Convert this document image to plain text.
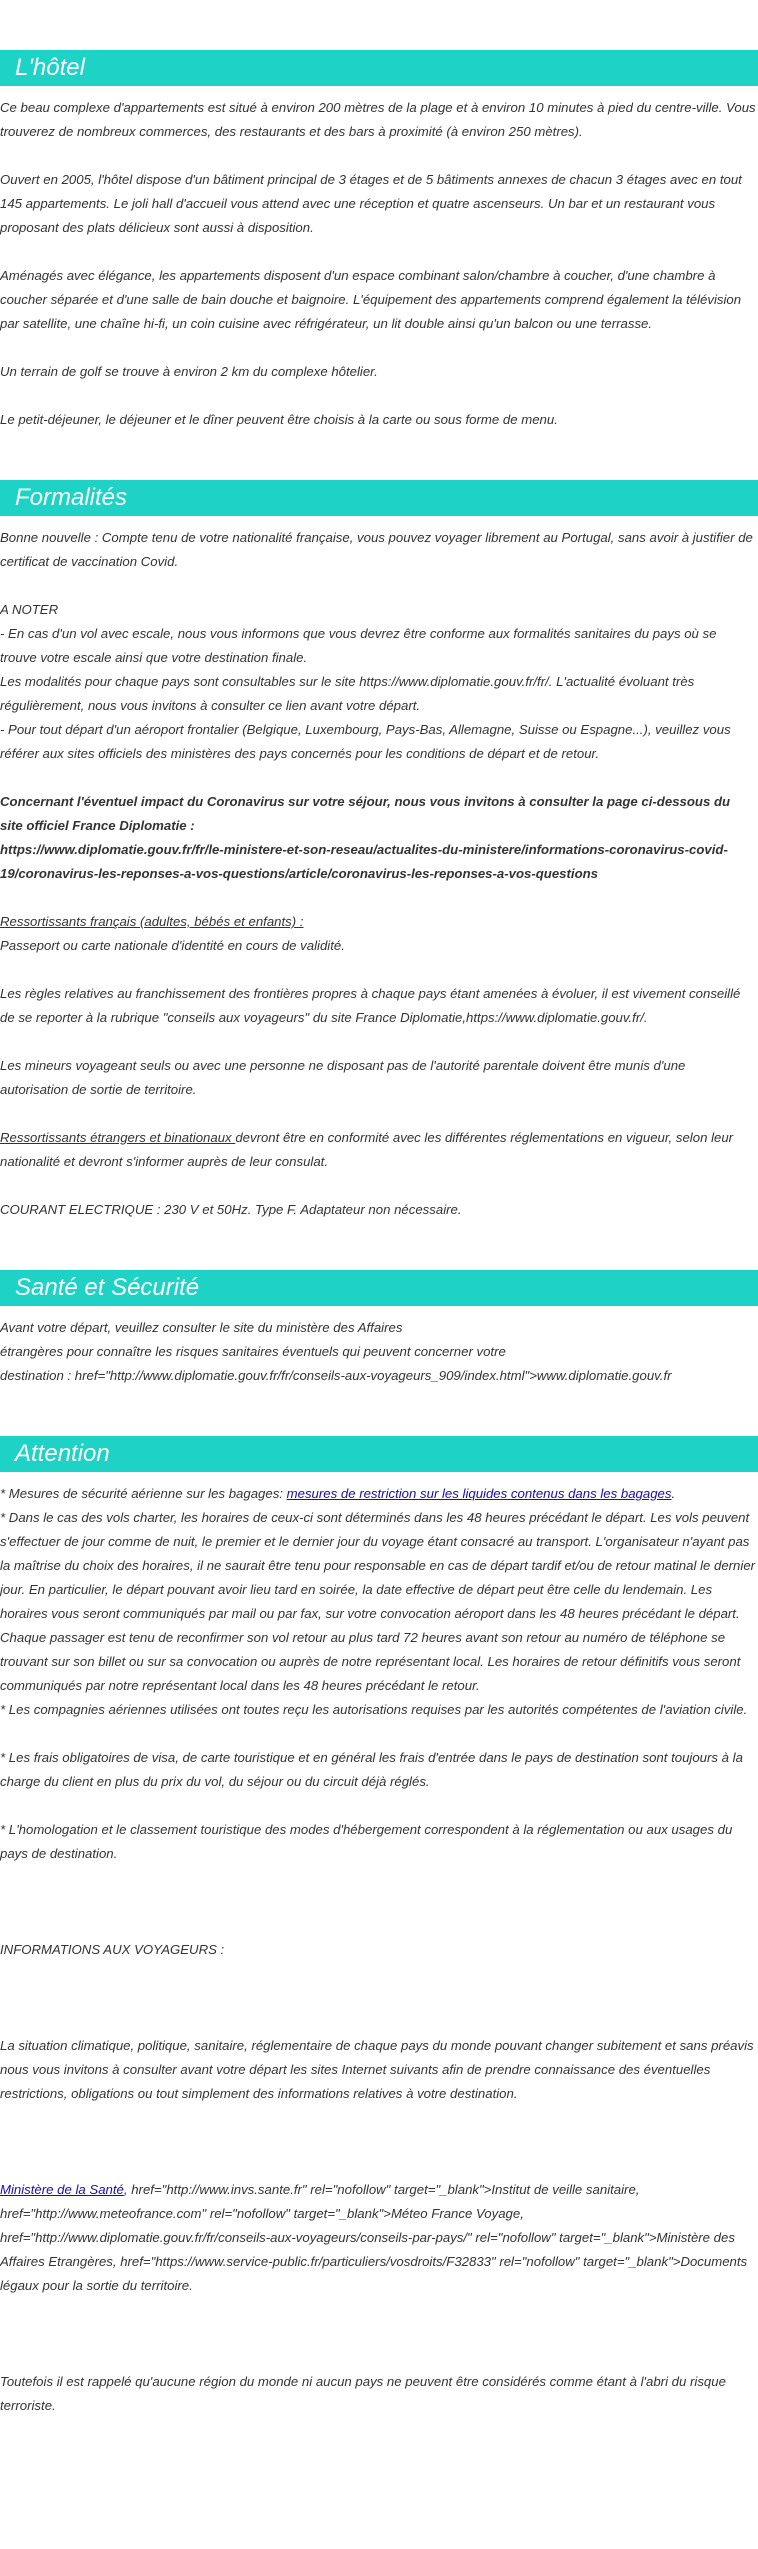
L'hôtel

Ce beau complexe d'appartements est situé à environ 200 mètres de la plage et à environ 10 minutes à pied du centre-ville. Vous trouverez de nombreux commerces, des restaurants et des bars à proximité (à environ 250 mètres).

Ouvert en 2005, l'hôtel dispose d'un bâtiment principal de 3 étages et de 5 bâtiments annexes de chacun 3 étages avec en tout 145 appartements. Le joli hall d'accueil vous attend avec une réception et quatre ascenseurs. Un bar et un restaurant vous proposant des plats délicieux sont aussi à disposition.

Aménagés avec élégance, les appartements disposent d'un espace combinant salon/chambre à coucher, d'une chambre à coucher séparée et d'une salle de bain douche et baignoire. L'équipement des appartements comprend également la télévision par satellite, une chaîne hi-fi, un coin cuisine avec réfrigérateur, un lit double ainsi qu'un balcon ou une terrasse.

Un terrain de golf se trouve à environ 2 km du complexe hôtelier.

Le petit-déjeuner, le déjeuner et le dîner peuvent être choisis à la carte ou sous forme de menu.

Formalités

Bonne nouvelle : Compte tenu de votre nationalité française, vous pouvez voyager librement au Portugal, sans avoir à justifier de certificat de vaccination Covid.

A NOTER
- En cas d'un vol avec escale, nous vous informons que vous devrez être conforme aux formalités sanitaires du pays où se trouve votre escale ainsi que votre destination finale.
Les modalités pour chaque pays sont consultables sur le site https://www.diplomatie.gouv.fr/fr/. L'actualité évoluant très régulièrement, nous vous invitons à consulter ce lien avant votre départ.
- Pour tout départ d'un aéroport frontalier (Belgique, Luxembourg, Pays-Bas, Allemagne, Suisse ou Espagne...), veuillez vous référer aux sites officiels des ministères des pays concernés pour les conditions de départ et de retour.
Concernant l'éventuel impact du Coronavirus sur votre séjour, nous vous invitons à consulter la page ci-dessous du site officiel France Diplomatie :
https://www.diplomatie.gouv.fr/fr/le-ministere-et-son-reseau/actualites-du-ministere/informations-coronavirus-covid-19/coronavirus-les-reponses-a-vos-questions/article/coronavirus-les-reponses-a-vos-questions
Ressortissants français (adultes, bébés et enfants) :
Passeport ou carte nationale d'identité en cours de validité.

Les règles relatives au franchissement des frontières propres à chaque pays étant amenées à évoluer, il est vivement conseillé de se reporter à la rubrique "conseils aux voyageurs" du site France Diplomatie,https://www.diplomatie.gouv.fr/.

Les mineurs voyageant seuls ou avec une personne ne disposant pas de l'autorité parentale doivent être munis d'une autorisation de sortie de territoire.

Ressortissants étrangers et binationaux devront être en conformité avec les différentes réglementations en vigueur, selon leur nationalité et devront s'informer auprès de leur consulat.

COURANT ELECTRIQUE : 230 V et 50Hz. Type F. Adaptateur non nécessaire.

Santé et Sécurité
Avant votre départ, veuillez consulter le site du ministère des Affaires
étrangères pour connaître les risques sanitaires éventuels qui peuvent concerner votre
destination : href="http://www.diplomatie.gouv.fr/fr/conseils-aux-voyageurs_909/index.html">www.diplomatie.gouv.fr
Attention
* Mesures de sécurité aérienne sur les bagages: mesures de restriction sur les liquides contenus dans les bagages.
* Dans le cas des vols charter, les horaires de ceux-ci sont déterminés dans les 48 heures précédant le départ. Les vols peuvent s'effectuer de jour comme de nuit, le premier et le dernier jour du voyage étant consacré au transport. L'organisateur n'ayant pas la maîtrise du choix des horaires, il ne saurait être tenu pour responsable en cas de départ tardif et/ou de retour matinal le dernier jour. En particulier, le départ pouvant avoir lieu tard en soirée, la date effective de départ peut être celle du lendemain. Les horaires vous seront communiqués par mail ou par fax, sur votre convocation aéroport dans les 48 heures précédant le départ. Chaque passager est tenu de reconfirmer son vol retour au plus tard 72 heures avant son retour au numéro de téléphone se trouvant sur son billet ou sur sa convocation ou auprès de notre représentant local. Les horaires de retour définitifs vous seront communiqués par notre représentant local dans les 48 heures précédant le retour.
* Les compagnies aériennes utilisées ont toutes reçu les autorisations requises par les autorités compétentes de l'aviation civile.

* Les frais obligatoires de visa, de carte touristique et en général les frais d'entrée dans le pays de destination sont toujours à la charge du client en plus du prix du vol, du séjour ou du circuit déjà réglés.

* L'homologation et le classement touristique des modes d'hébergement correspondent à la réglementation ou aux usages du pays de destination.

INFORMATIONS AUX VOYAGEURS :

La situation climatique, politique, sanitaire, réglementaire de chaque pays du monde pouvant changer subitement et sans préavis
nous vous invitons à consulter avant votre départ les sites Internet suivants afin de prendre connaissance des éventuelles restrictions, obligations ou tout simplement des informations relatives à votre destination.

Ministère de la Santé, href="http://www.invs.sante.fr" rel="nofollow" target="_blank">Institut de veille sanitaire, href="http://www.meteofrance.com" rel="nofollow" target="_blank">Méteo France Voyage, href="http://www.diplomatie.gouv.fr/fr/conseils-aux-voyageurs/conseils-par-pays/" rel="nofollow" target="_blank">Ministère des Affaires Etrangères, href="https://www.service-public.fr/particuliers/vosdroits/F32833" rel="nofollow" target="_blank">Documents légaux pour la sortie du territoire.

Toutefois il est rappelé qu'aucune région du monde ni aucun pays ne peuvent être considérés comme étant à l'abri du risque terroriste.
